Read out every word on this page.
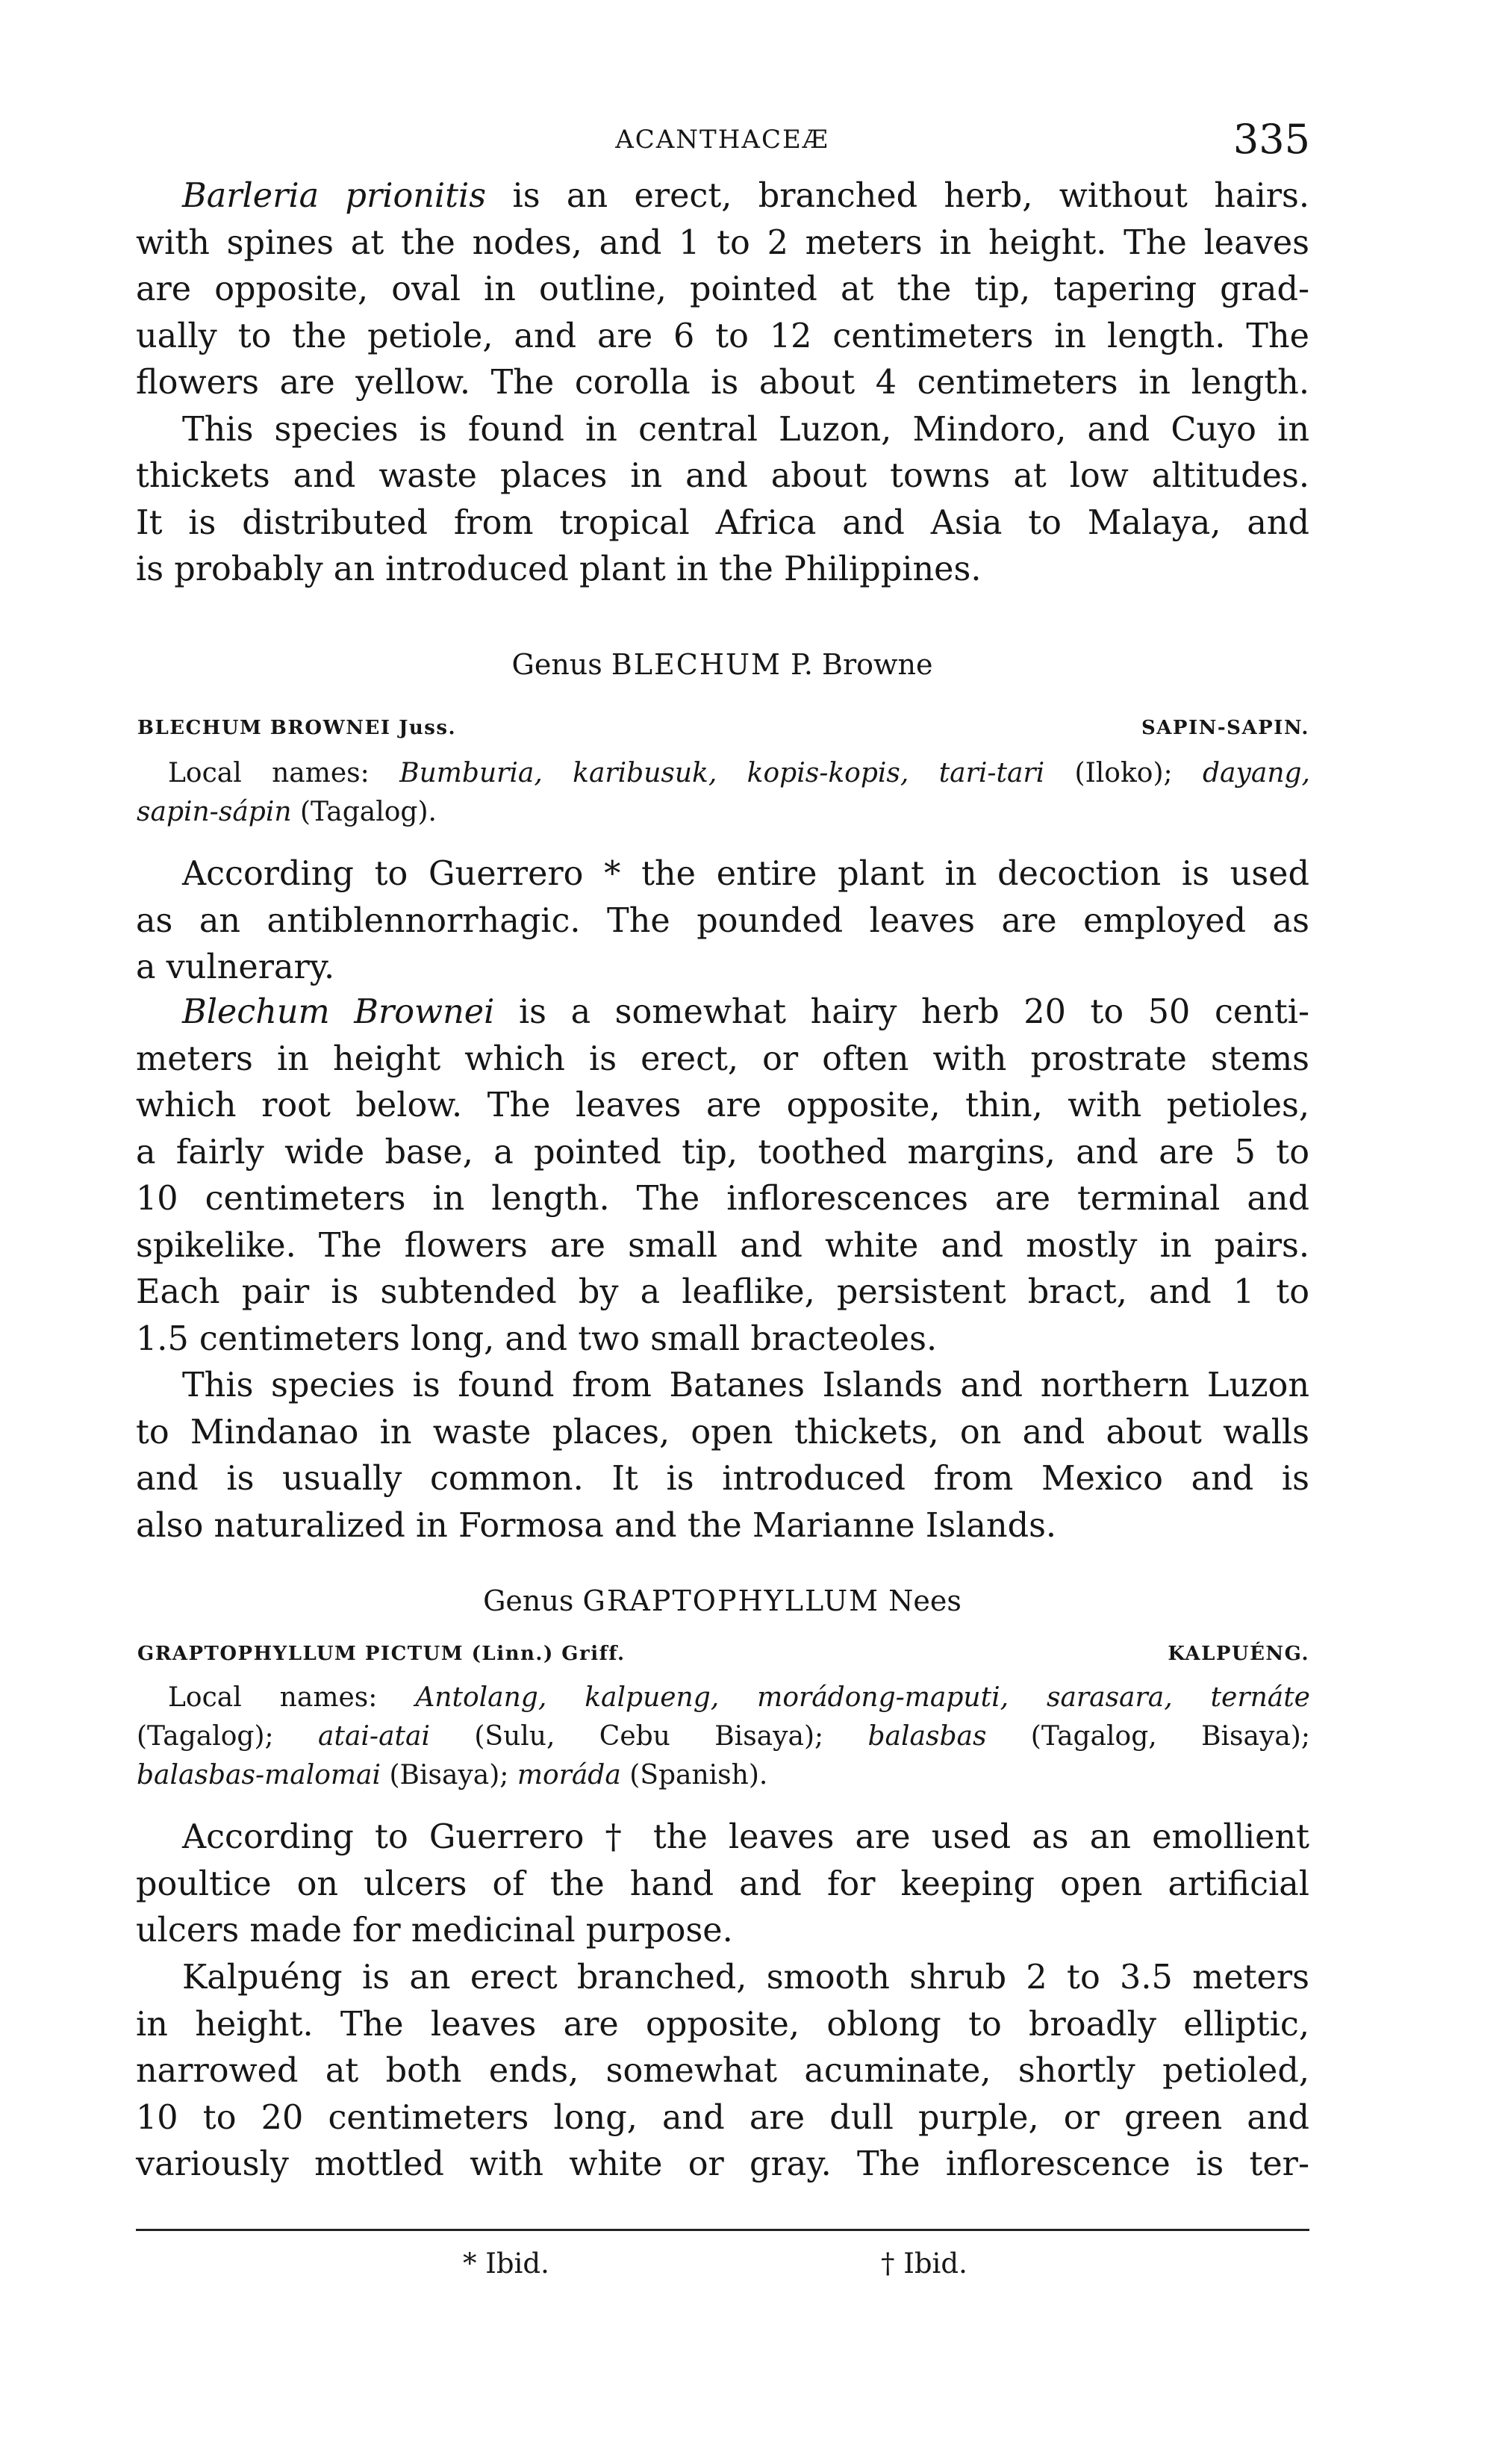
ACANTHACEÆ	335

Barleria prionitis is an erect, branched herb, without hairs.
with spines at the nodes, and 1 to 2 meters in height. The leaves
are opposite, oval in outline, pointed at the tip, tapering grad-
ually to the petiole, and are 6 to 12 centimeters in length. The
flowers are yellow. The corolla is about 4 centimeters in length.
This species is found in central Luzon, Mindoro, and Cuyo in
thickets and waste places in and about towns at low altitudes.
It is distributed from tropical Africa and Asia to Malaya, and
is probably an introduced plant in the Philippines.

Genus BLECHUM P. Browne
BLECHUM BROWNEI Juss.	SAPIN-SAPIN.

Local names: Bumburia, karibusuk, kopis-kopis, tari-tari (Iloko); dayang,
sapin-sápin (Tagalog).

According to Guerrero * the entire plant in decoction is used
as an antiblennorrhagic. The pounded leaves are employed as
a vulnerary.

Blechum Brownei is a somewhat hairy herb 20 to 50 centi-
meters in height which is erect, or often with prostrate stems
which root below. The leaves are opposite, thin, with petioles,
a fairly wide base, a pointed tip, toothed margins, and are 5 to
10 centimeters in length. The inflorescences are terminal and
spikelike. The flowers are small and white and mostly in pairs.
Each pair is subtended by a leaflike, persistent bract, and 1 to
1.5 centimeters long, and two small bracteoles.

This species is found from Batanes Islands and northern Luzon
to Mindanao in waste places, open thickets, on and about walls
and is usually common. It is introduced from Mexico and is
also naturalized in Formosa and the Marianne Islands.

Genus GRAPTOPHYLLUM Nees
GRAPTOPHYLLUM PICTUM (Linn.) Griff.	KALPUÉNG.

Local names: Antolang, kalpueng, morádong-maputi, sarasara, ternáte
(Tagalog); atai-atai (Sulu, Cebu Bisaya); balasbas (Tagalog, Bisaya);
balasbas-malomai (Bisaya); moráda (Spanish).

According to Guerrero † the leaves are used as an emollient
poultice on ulcers of the hand and for keeping open artificial
ulcers made for medicinal purpose.

Kalpuéng is an erect branched, smooth shrub 2 to 3.5 meters
in height. The leaves are opposite, oblong to broadly elliptic,
narrowed at both ends, somewhat acuminate, shortly petioled,
10 to 20 centimeters long, and are dull purple, or green and
variously mottled with white or gray. The inflorescence is ter-

* Ibid.	† Ibid.
